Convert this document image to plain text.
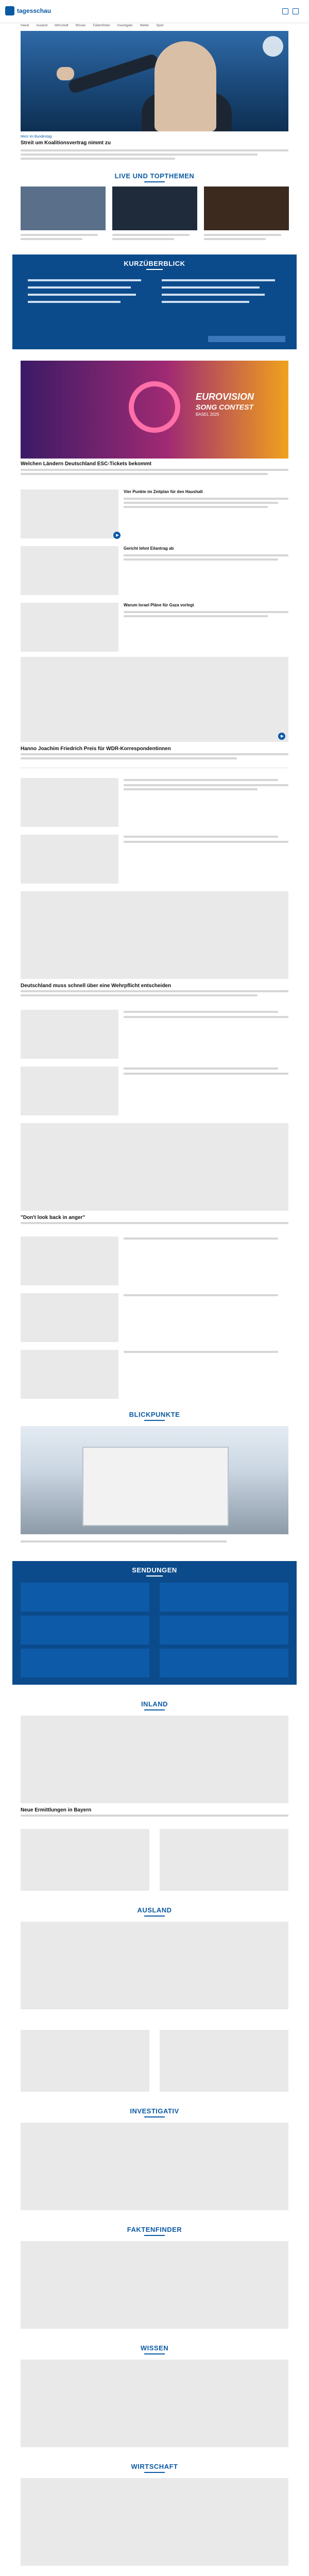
tagesschau
Inland Ausland Wirtschaft Wissen Faktenfinder Investigativ Wetter Sport
Merz im Bundestag
Streit um Koalitionsvertrag nimmt zu
LIVE UND TOPTHEMEN
KURZÜBERBLICK
EUROVISION
SONG CONTEST
BASEL 2025
Welchen Ländern Deutschland ESC-Tickets bekommt
Vier Punkte im Zeitplan für den Haushalt
Gericht lehnt Eilantrag ab
Warum Israel Pläne für Gaza vorlegt
Hanno Joachim Friedrich Preis für WDR-Korrespondentinnen
Deutschland muss schnell über eine Wehrpflicht entscheiden
"Don't look back in anger"
BLICKPUNKTE
SENDUNGEN
INLAND
Neue Ermittlungen in Bayern
AUSLAND
INVESTIGATIV
FAKTENFINDER
WISSEN
WIRTSCHAFT
